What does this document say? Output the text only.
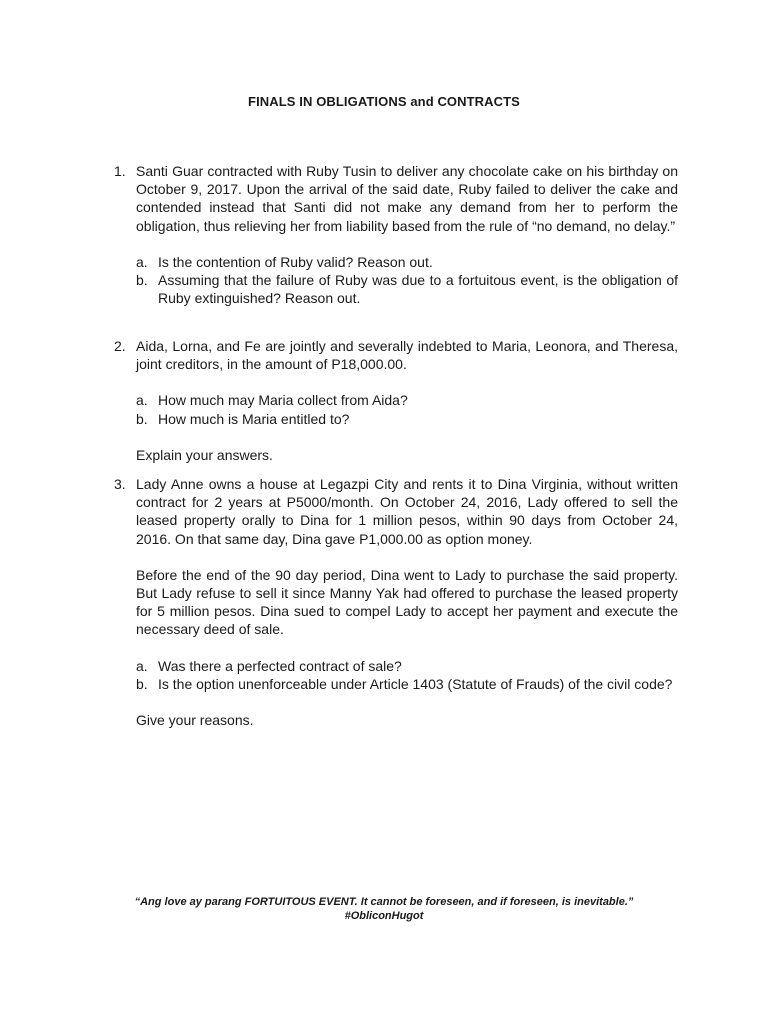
FINALS IN OBLIGATIONS and CONTRACTS
1. Santi Guar contracted with Ruby Tusin to deliver any chocolate cake on his birthday on October 9, 2017. Upon the arrival of the said date, Ruby failed to deliver the cake and contended instead that Santi did not make any demand from her to perform the obligation, thus relieving her from liability based from the rule of “no demand, no delay.”

a. Is the contention of Ruby valid? Reason out.
b. Assuming that the failure of Ruby was due to a fortuitous event, is the obligation of Ruby extinguished? Reason out.
2. Aida, Lorna, and Fe are jointly and severally indebted to Maria, Leonora, and Theresa, joint creditors, in the amount of P18,000.00.

a. How much may Maria collect from Aida?
b. How much is Maria entitled to?

Explain your answers.

3. Lady Anne owns a house at Legazpi City and rents it to Dina Virginia, without written contract for 2 years at P5000/month. On October 24, 2016, Lady offered to sell the leased property orally to Dina for 1 million pesos, within 90 days from October 24, 2016. On that same day, Dina gave P1,000.00 as option money.

Before the end of the 90 day period, Dina went to Lady to purchase the said property. But Lady refuse to sell it since Manny Yak had offered to purchase the leased property for 5 million pesos. Dina sued to compel Lady to accept her payment and execute the necessary deed of sale.

a. Was there a perfected contract of sale?
b. Is the option unenforceable under Article 1403 (Statute of Frauds) of the civil code?

Give your reasons.

“Ang love ay parang FORTUITOUS EVENT. It cannot be foreseen, and if foreseen, is inevitable.”
#ObliconHugot
